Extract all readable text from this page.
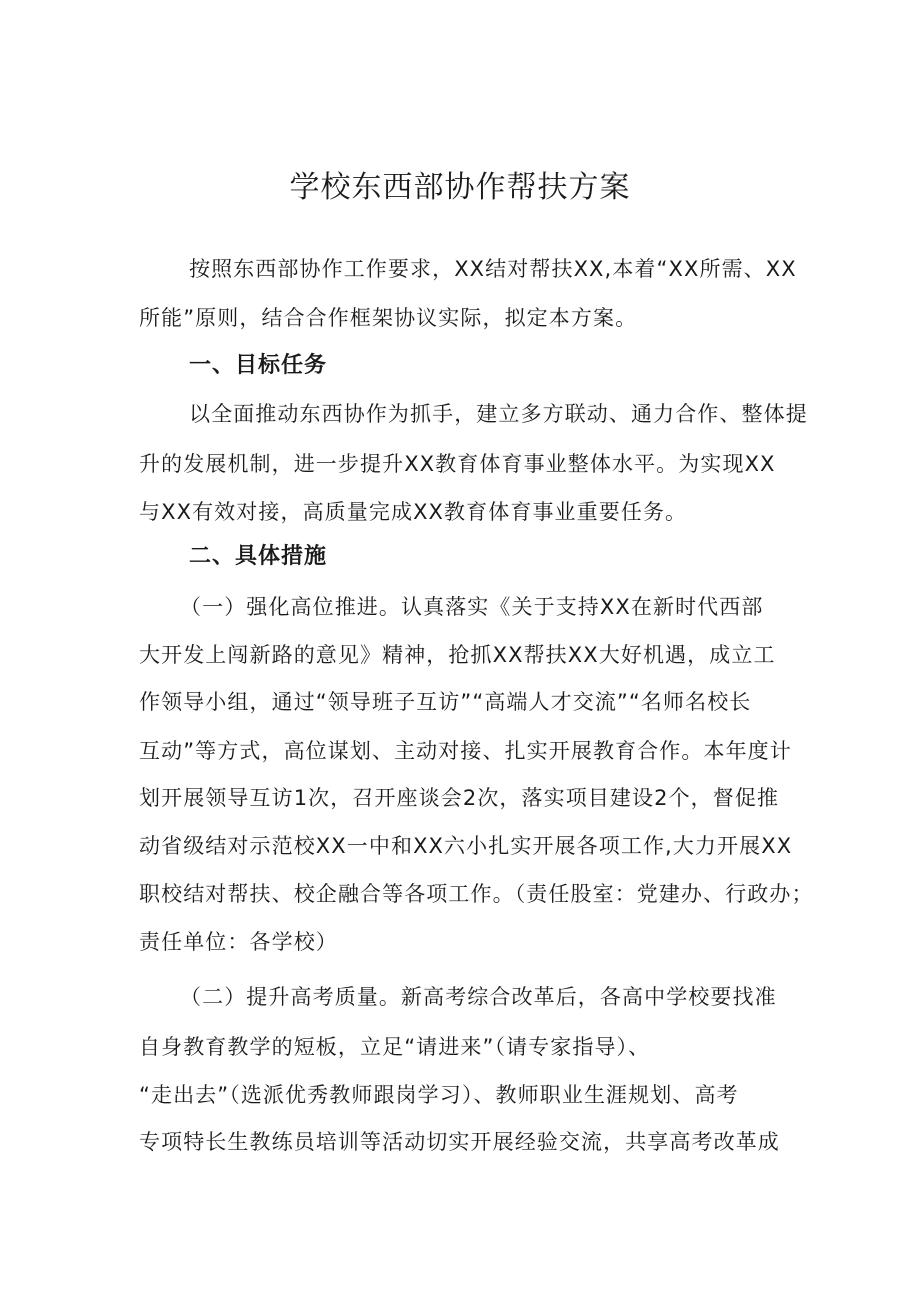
学校东西部协作帮扶方案
按照东西部协作工作要求，XX结对帮扶XX,本着“XX所需、XX
所能”原则，结合合作框架协议实际，拟定本方案。
一、目标任务
以全面推动东西协作为抓手，建立多方联动、通力合作、整体提
升的发展机制，进一步提升XX教育体育事业整体水平。为实现XX
与XX有效对接，高质量完成XX教育体育事业重要任务。
二、具体措施
（一）强化高位推进。认真落实《关于支持XX在新时代西部
大开发上闯新路的意见》精神，抢抓XX帮扶XX大好机遇，成立工
作领导小组，通过“领导班子互访”“高端人才交流”“名师名校长
互动”等方式，高位谋划、主动对接、扎实开展教育合作。本年度计
划开展领导互访1次，召开座谈会2次，落实项目建设2个，督促推
动省级结对示范校XX一中和XX六小扎实开展各项工作,大力开展XX
职校结对帮扶、校企融合等各项工作。（责任股室：党建办、行政办；
责任单位：各学校）
（二）提升高考质量。新高考综合改革后，各高中学校要找准
自身教育教学的短板，立足“请进来”（请专家指导）、
“走出去”（选派优秀教师跟岗学习）、教师职业生涯规划、高考
专项特长生教练员培训等活动切实开展经验交流，共享高考改革成
